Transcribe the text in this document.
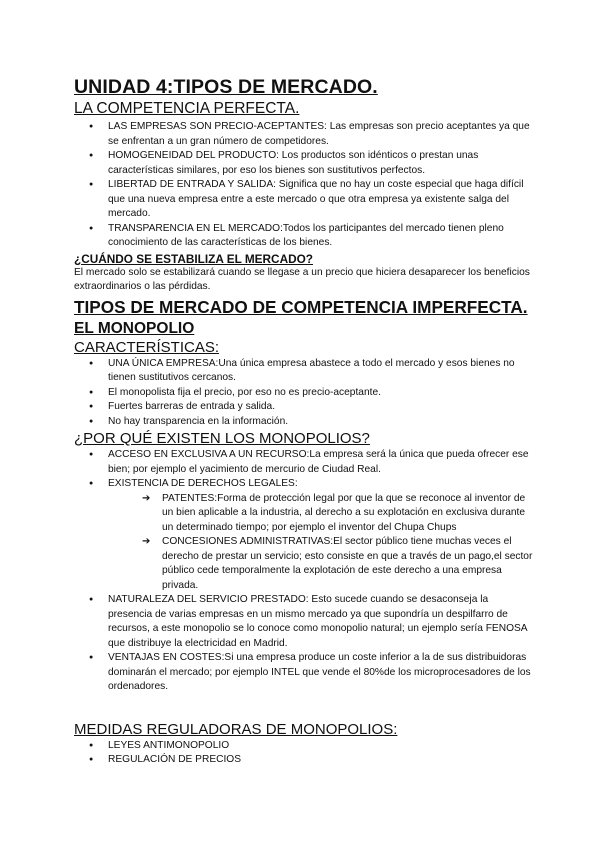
UNIDAD 4:TIPOS DE MERCADO.
LA COMPETENCIA PERFECTA.
● LAS EMPRESAS SON PRECIO-ACEPTANTES: Las empresas son precio aceptantes ya que se enfrentan a un gran número de competidores.
● HOMOGENEIDAD DEL PRODUCTO: Los productos son idénticos o prestan unas características similares, por eso los bienes son sustitutivos perfectos.
● LIBERTAD DE ENTRADA Y SALIDA: Significa que no hay un coste especial que haga difícil que una nueva empresa entre a este mercado o que otra empresa ya existente salga del mercado.
● TRANSPARENCIA EN EL MERCADO:Todos los participantes del mercado tienen pleno conocimiento de las características de los bienes.
¿CUÁNDO SE ESTABILIZA EL MERCADO?

El mercado solo se estabilizará cuando se llegase a un precio que hiciera desaparecer los beneficios extraordinarios o las pérdidas.

TIPOS DE MERCADO DE COMPETENCIA IMPERFECTA.
EL MONOPOLIO
CARACTERÍSTICAS:
● UNA ÚNICA EMPRESA:Una única empresa abastece a todo el mercado y esos bienes no tienen sustitutivos cercanos.
● El monopolista fija el precio, por eso no es precio-aceptante.
● Fuertes barreras de entrada y salida.
● No hay transparencia en la información.
¿POR QUÉ EXISTEN LOS MONOPOLIOS?
● ACCESO EN EXCLUSIVA A UN RECURSO:La empresa será la única que pueda ofrecer ese bien; por ejemplo el yacimiento de mercurio de Ciudad Real.
● EXISTENCIA DE DERECHOS LEGALES:
➔ PATENTES:Forma de protección legal por que la que se reconoce al inventor de un bien aplicable a la industria, al derecho a su explotación en exclusiva durante un determinado tiempo; por ejemplo el inventor del Chupa Chups
➔ CONCESIONES ADMINISTRATIVAS:El sector público tiene muchas veces el derecho de prestar un servicio; esto consiste en que a través de un pago,el sector público cede temporalmente la explotación de este derecho a una empresa privada.
● NATURALEZA DEL SERVICIO PRESTADO: Esto sucede cuando se desaconseja la presencia de varias empresas en un mismo mercado ya que supondría un despilfarro de recursos, a este monopolio se lo conoce como monopolio natural; un ejemplo sería FENOSA que distribuye la electricidad en Madrid.
● VENTAJAS EN COSTES:Si una empresa produce un coste inferior a la de sus distribuidoras dominarán el mercado; por ejemplo INTEL que vende el 80%de los microprocesadores de los ordenadores.
MEDIDAS REGULADORAS DE MONOPOLIOS:
● LEYES ANTIMONOPOLIO
● REGULACIÓN DE PRECIOS
